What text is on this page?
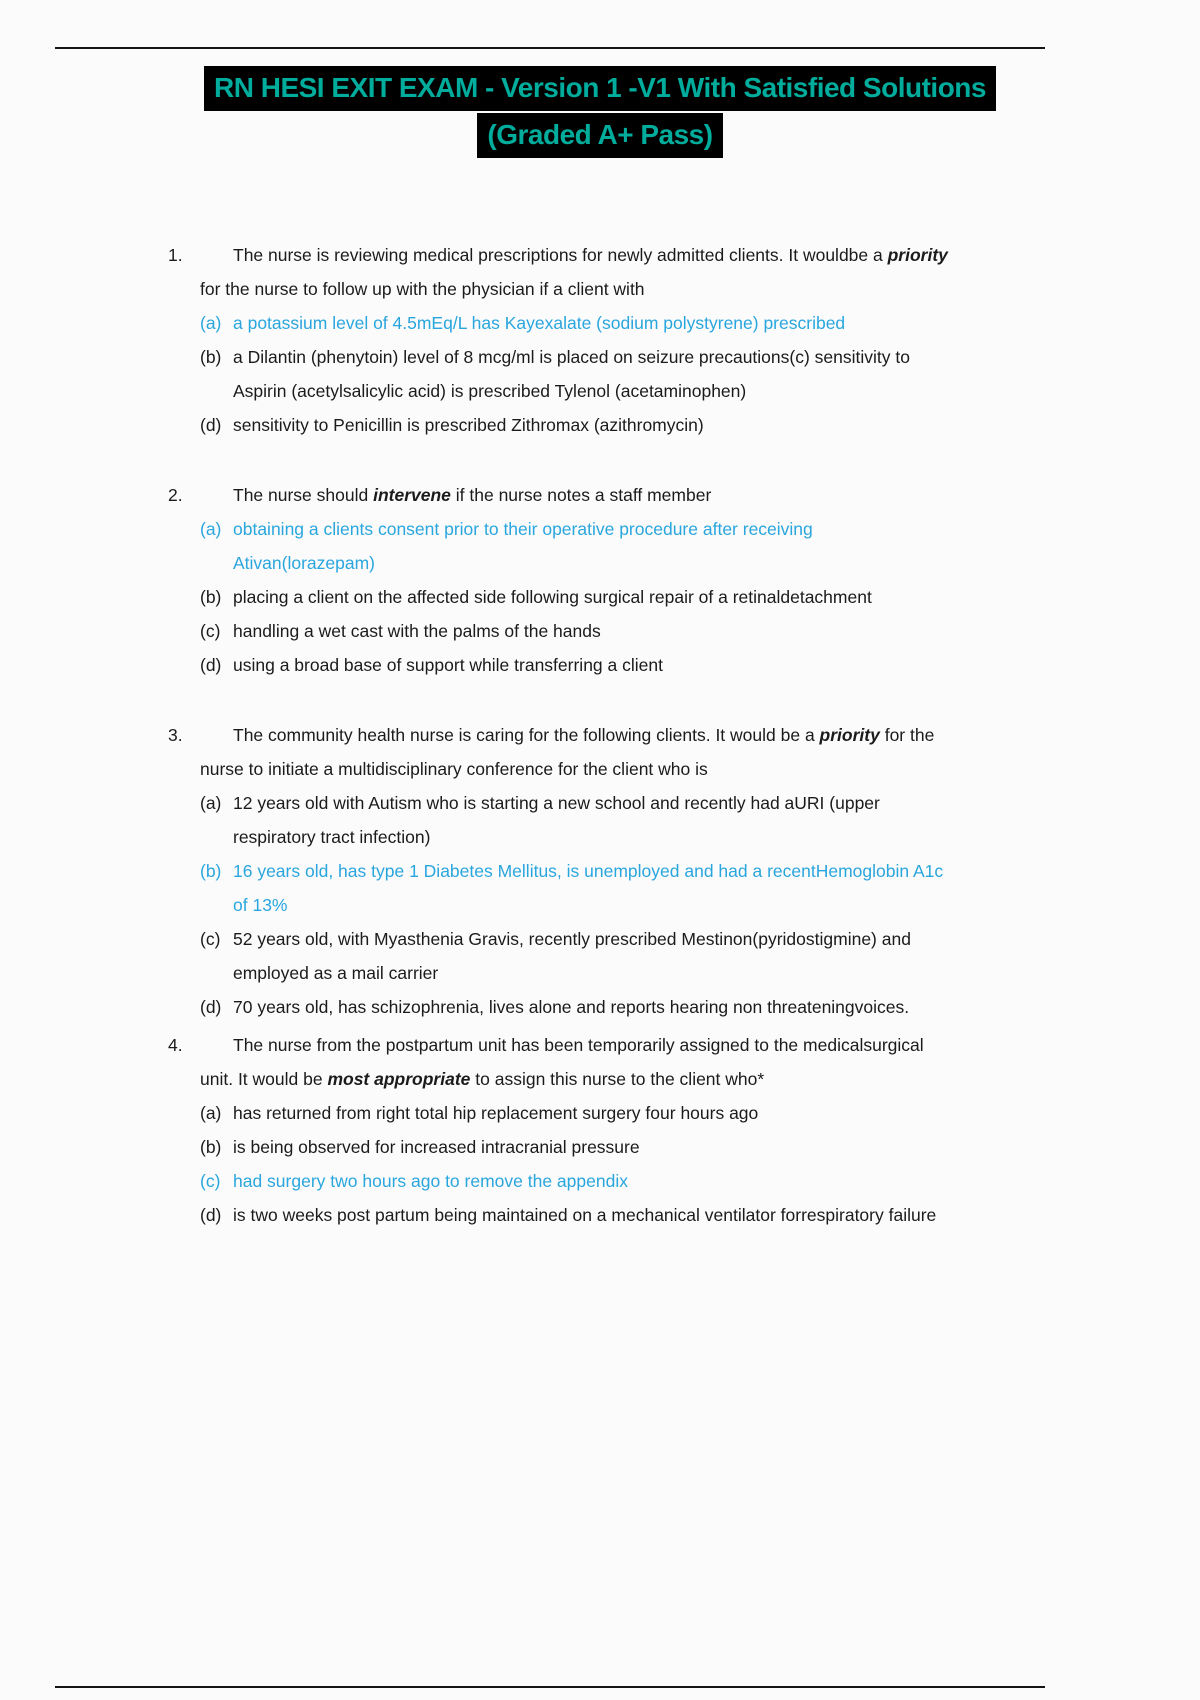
RN HESI EXIT EXAM - Version 1 -V1 With Satisfied Solutions
(Graded A+ Pass)
1.	The nurse is reviewing medical prescriptions for newly admitted clients. It wouldbe a priority for the nurse to follow up with the physician if a client with
(a) a potassium level of 4.5mEq/L has Kayexalate (sodium polystyrene) prescribed
(b) a Dilantin (phenytoin) level of 8 mcg/ml is placed on seizure precautions(c) sensitivity to Aspirin (acetylsalicylic acid) is prescribed Tylenol (acetaminophen)
(d) sensitivity to Penicillin is prescribed Zithromax (azithromycin)
2.	The nurse should intervene if the nurse notes a staff member
(a) obtaining a clients consent prior to their operative procedure after receiving Ativan(lorazepam)
(b) placing a client on the affected side following surgical repair of a retinaldetachment
(c) handling a wet cast with the palms of the hands
(d) using a broad base of support while transferring a client
3.	The community health nurse is caring for the following clients. It would be a priority for the nurse to initiate a multidisciplinary conference for the client who is
(a) 12 years old with Autism who is starting a new school and recently had aURI (upper respiratory tract infection)
(b) 16 years old, has type 1 Diabetes Mellitus, is unemployed and had a recentHemoglobin A1c of 13%
(c) 52 years old, with Myasthenia Gravis, recently prescribed Mestinon(pyridostigmine) and employed as a mail carrier
(d) 70 years old, has schizophrenia, lives alone and reports hearing non threateningvoices.
4.	The nurse from the postpartum unit has been temporarily assigned to the medicalsurgical unit. It would be most appropriate to assign this nurse to the client who*
(a) has returned from right total hip replacement surgery four hours ago
(b) is being observed for increased intracranial pressure
(c) had surgery two hours ago to remove the appendix
(d) is two weeks post partum being maintained on a mechanical ventilator forrespiratory failure
